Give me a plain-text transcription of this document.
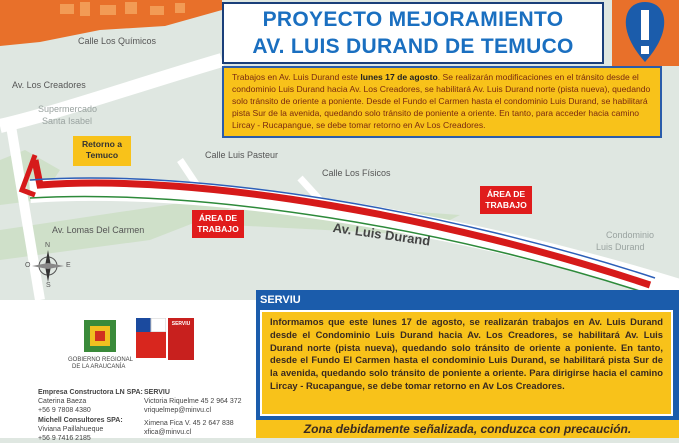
PROYECTO MEJORAMIENTO
AV. LUIS DURAND DE TEMUCO
Trabajos en Av. Luis Durand este lunes 17 de agosto. Se realizarán modificaciones en el tránsito desde el condominio Luis Durand hacia Av. Los Creadores, se habilitará Av. Luis Durand norte (pista nueva), quedando solo tránsito de oriente a poniente. Desde el Fundo el Carmen hasta el condominio Luis Durand, se habilitará pista Sur de la avenida, quedando solo tránsito de poniente a oriente. En tanto, para acceder hacia camino Lircay - Rucapangue, se debe tomar retorno en Av Los Creadores.
Calle Los Químicos
Av. Los Creadores
Supermercado
Santa Isabel
Calle Luis Pasteur
Calle Los Físicos
Av. Lomas Del Carmen	Av. Luis Durand	Condominio
Luis Durand
Retorno a
Temuco
ÁREA DE
TRABAJO
ÁREA DE
TRABAJO
N
S
E
O
GOBIERNO REGIONAL
DE LA ARAUCANÍA
SERVIU
Empresa Constructora LN SPA:
Caterina Baeza
+56 9 7808 4380
Michell Consultores SPA:
Viviana Paillahueque
+56 9 7416 2185
SERVIU
Victoria Riquelme 45 2 964 372
vriquelmep@minvu.cl

Ximena Fica V. 45 2 647 838
xfica@minvu.cl
SERVIU
Informamos que este lunes 17 de agosto, se realizarán trabajos en Av. Luis Durand desde el Condominio Luis Durand hacia Av. Los Creadores, se habilitará Av. Luis Durand norte (pista nueva), quedando solo tránsito de oriente a poniente. En tanto, desde el Fundo El Carmen hasta el condominio Luis Durand, se habilitará pista Sur de la avenida, quedando solo tránsito de poniente a oriente. Para dirigirse hacia el camino Lircay - Rucapangue, se debe tomar retorno en Av Los Creadores.
Zona debidamente señalizada, conduzca con precaución.
